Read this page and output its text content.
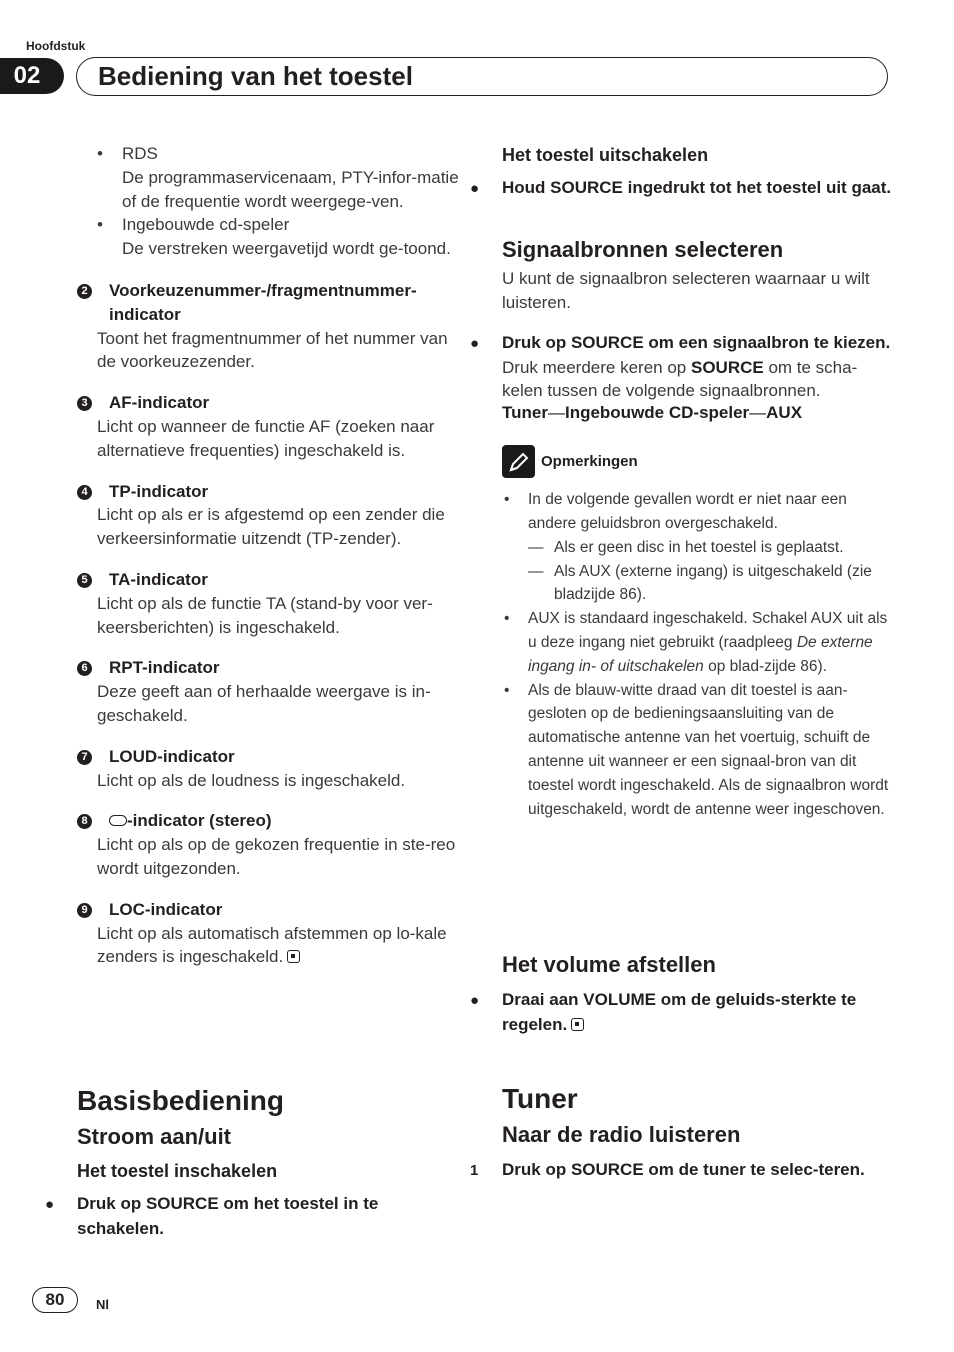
Hoofdstuk
02	Bediening van het toestel
• RDS
De programmaservicenaam, PTY-infor-matie of de frequentie wordt weergege-ven.
• Ingebouwde cd-speler
De verstreken weergavetijd wordt ge-toond.
2 Voorkeuzenummer-/fragmentnummer-indicator
Toont het fragmentnummer of het nummer van de voorkeuzezender.
3 AF-indicator
Licht op wanneer de functie AF (zoeken naar alternatieve frequenties) ingeschakeld is.
4 TP-indicator
Licht op als er is afgestemd op een zender die verkeersinformatie uitzendt (TP-zender).
5 TA-indicator
Licht op als de functie TA (stand-by voor ver-keersberichten) is ingeschakeld.
6 RPT-indicator
Deze geeft aan of herhaalde weergave is in-geschakeld.
7 LOUD-indicator
Licht op als de loudness is ingeschakeld.
8 -indicator (stereo)
Licht op als op de gekozen frequentie in ste-reo wordt uitgezonden.
9 LOC-indicator
Licht op als automatisch afstemmen op lo-kale zenders is ingeschakeld.
Basisbediening
Stroom aan/uit
Het toestel inschakelen
● Druk op SOURCE om het toestel in te schakelen.
Het toestel uitschakelen
● Houd SOURCE ingedrukt tot het toestel uit gaat.
Signaalbronnen selecteren
U kunt de signaalbron selecteren waarnaar u wilt luisteren.
● Druk op SOURCE om een signaalbron te kiezen.
Druk meerdere keren op SOURCE om te scha-kelen tussen de volgende signaalbronnen.
Tuner—Ingebouwde CD-speler—AUX
Opmerkingen
• In de volgende gevallen wordt er niet naar een andere geluidsbron overgeschakeld.
— Als er geen disc in het toestel is geplaatst.
— Als AUX (externe ingang) is uitgeschakeld (zie bladzijde 86).
• AUX is standaard ingeschakeld. Schakel AUX uit als u deze ingang niet gebruikt (raadpleeg De externe ingang in- of uitschakelen op blad-zijde 86).
• Als de blauw-witte draad van dit toestel is aan-gesloten op de bedieningsaansluiting van de automatische antenne van het voertuig, schuift de antenne uit wanneer er een signaal-bron van dit toestel wordt ingeschakeld. Als de signaalbron wordt uitgeschakeld, wordt de antenne weer ingeschoven.
Het volume afstellen
● Draai aan VOLUME om de geluids-sterkte te regelen.
Tuner
Naar de radio luisteren
1 Druk op SOURCE om de tuner te selec-teren.
80	Nl
